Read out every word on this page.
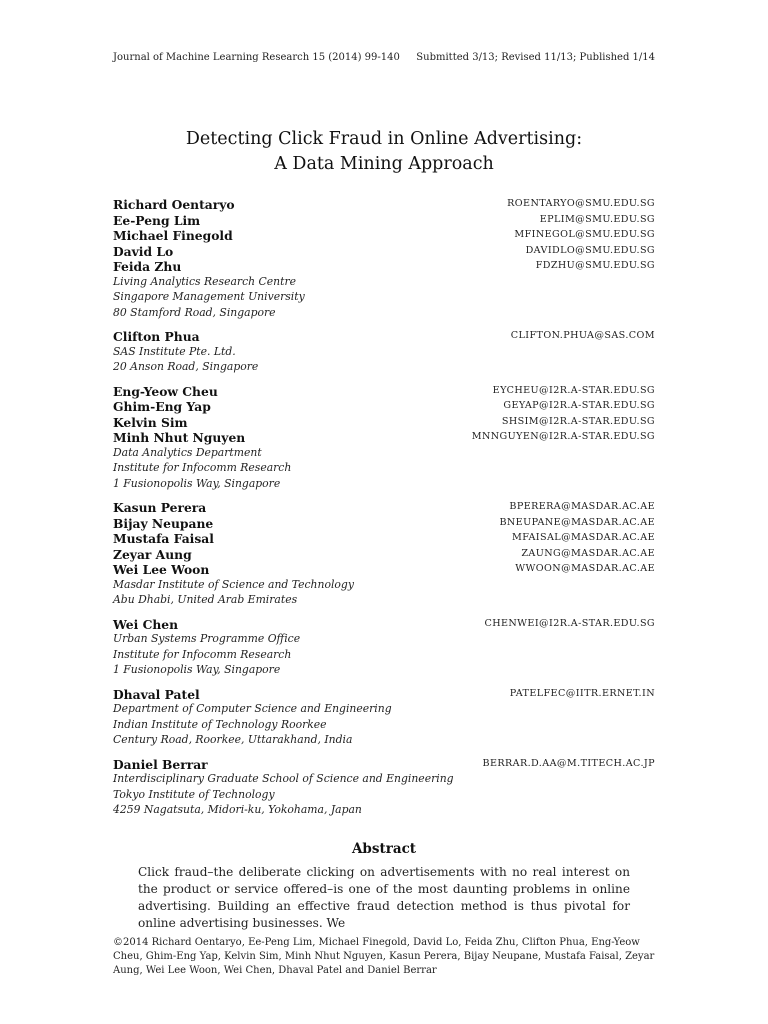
Journal of Machine Learning Research 15 (2014) 99-140 Submitted 3/13; Revised 11/13; Published 1/14
Detecting Click Fraud in Online Advertising:
A Data Mining Approach
Richard Oentaryo	ROENTARYO@SMU.EDU.SG
Ee-Peng Lim	EPLIM@SMU.EDU.SG
Michael Finegold	MFINEGOL@SMU.EDU.SG
David Lo	DAVIDLO@SMU.EDU.SG
Feida Zhu	FDZHU@SMU.EDU.SG
Living Analytics Research Centre
Singapore Management University
80 Stamford Road, Singapore
Clifton Phua	CLIFTON.PHUA@SAS.COM
SAS Institute Pte. Ltd.
20 Anson Road, Singapore
Eng-Yeow Cheu	EYCHEU@I2R.A-STAR.EDU.SG
Ghim-Eng Yap	GEYAP@I2R.A-STAR.EDU.SG
Kelvin Sim	SHSIM@I2R.A-STAR.EDU.SG
Minh Nhut Nguyen	MNNGUYEN@I2R.A-STAR.EDU.SG
Data Analytics Department
Institute for Infocomm Research
1 Fusionopolis Way, Singapore
Kasun Perera	BPERERA@MASDAR.AC.AE
Bijay Neupane	BNEUPANE@MASDAR.AC.AE
Mustafa Faisal	MFAISAL@MASDAR.AC.AE
Zeyar Aung	ZAUNG@MASDAR.AC.AE
Wei Lee Woon	WWOON@MASDAR.AC.AE
Masdar Institute of Science and Technology
Abu Dhabi, United Arab Emirates
Wei Chen	CHENWEI@I2R.A-STAR.EDU.SG
Urban Systems Programme Office
Institute for Infocomm Research
1 Fusionopolis Way, Singapore
Dhaval Patel	PATELFEC@IITR.ERNET.IN
Department of Computer Science and Engineering
Indian Institute of Technology Roorkee
Century Road, Roorkee, Uttarakhand, India
Daniel Berrar	BERRAR.D.AA@M.TITECH.AC.JP
Interdisciplinary Graduate School of Science and Engineering
Tokyo Institute of Technology
4259 Nagatsuta, Midori-ku, Yokohama, Japan
Abstract
Click fraud–the deliberate clicking on advertisements with no real interest on the product or service offered–is one of the most daunting problems in online advertising. Building an effective fraud detection method is thus pivotal for online advertising businesses. We
©2014 Richard Oentaryo, Ee-Peng Lim, Michael Finegold, David Lo, Feida Zhu, Clifton Phua, Eng-Yeow Cheu, Ghim-Eng Yap, Kelvin Sim, Minh Nhut Nguyen, Kasun Perera, Bijay Neupane, Mustafa Faisal, Zeyar Aung, Wei Lee Woon, Wei Chen, Dhaval Patel and Daniel Berrar
